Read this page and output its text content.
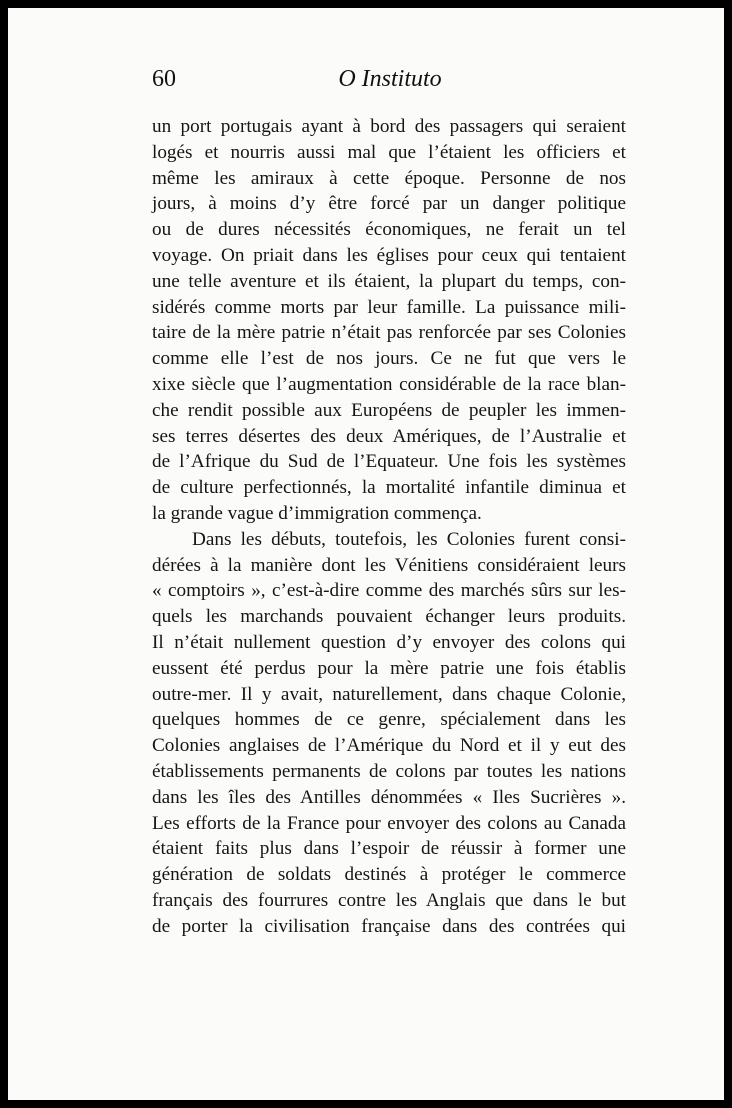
60	O Instituto
un port portugais ayant à bord des passagers qui seraient
logés et nourris aussi mal que l’étaient les officiers et
même les amiraux à cette époque. Personne de nos
jours, à moins d’y être forcé par un danger politique
ou de dures nécessités économiques, ne ferait un tel
voyage. On priait dans les églises pour ceux qui tentaient
une telle aventure et ils étaient, la plupart du temps, con-
sidérés comme morts par leur famille. La puissance mili-
taire de la mère patrie n’était pas renforcée par ses Colonies
comme elle l’est de nos jours. Ce ne fut que vers le
xixe siècle que l’augmentation considérable de la race blan-
che rendit possible aux Européens de peupler les immen-
ses terres désertes des deux Amériques, de l’Australie et
de l’Afrique du Sud de l’Equateur. Une fois les systèmes
de culture perfectionnés, la mortalité infantile diminua et
la grande vague d’immigration commença.
Dans les débuts, toutefois, les Colonies furent consi-
dérées à la manière dont les Vénitiens considéraient leurs
« comptoirs », c’est-à-dire comme des marchés sûrs sur les-
quels les marchands pouvaient échanger leurs produits.
Il n’était nullement question d’y envoyer des colons qui
eussent été perdus pour la mère patrie une fois établis
outre-mer. Il y avait, naturellement, dans chaque Colonie,
quelques hommes de ce genre, spécialement dans les
Colonies anglaises de l’Amérique du Nord et il y eut des
établissements permanents de colons par toutes les nations
dans les îles des Antilles dénommées « Iles Sucrières ».
Les efforts de la France pour envoyer des colons au Canada
étaient faits plus dans l’espoir de réussir à former une
génération de soldats destinés à protéger le commerce
français des fourrures contre les Anglais que dans le but
de porter la civilisation française dans des contrées qui
